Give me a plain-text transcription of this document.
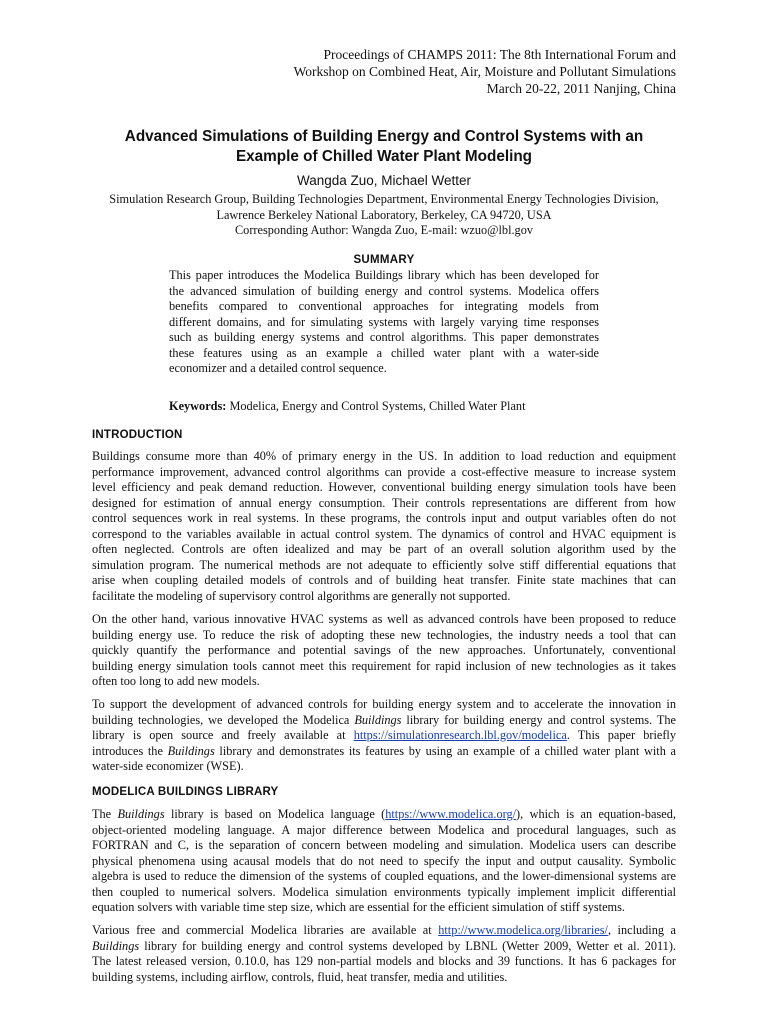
Proceedings of CHAMPS 2011: The 8th International Forum and
Workshop on Combined Heat, Air, Moisture and Pollutant Simulations
March 20-22, 2011 Nanjing, China
Advanced Simulations of Building Energy and Control Systems with an
Example of Chilled Water Plant Modeling
Wangda Zuo, Michael Wetter
Simulation Research Group, Building Technologies Department, Environmental Energy Technologies Division,
Lawrence Berkeley National Laboratory, Berkeley, CA 94720, USA
Corresponding Author: Wangda Zuo, E-mail: wzuo@lbl.gov
SUMMARY
This paper introduces the Modelica Buildings library which has been developed for
the advanced simulation of building energy and control systems. Modelica offers
benefits compared to conventional approaches for integrating models from
different domains, and for simulating systems with largely varying time responses
such as building energy systems and control algorithms. This paper demonstrates
these features using as an example a chilled water plant with a water-side
economizer and a detailed control sequence.
Keywords: Modelica, Energy and Control Systems, Chilled Water Plant
INTRODUCTION
Buildings consume more than 40% of primary energy in the US. In addition to load reduction and equipment
performance improvement, advanced control algorithms can provide a cost-effective measure to increase system
level efficiency and peak demand reduction. However, conventional building energy simulation tools have been
designed for estimation of annual energy consumption. Their controls representations are different from how
control sequences work in real systems. In these programs, the controls input and output variables often do not
correspond to the variables available in actual control system. The dynamics of control and HVAC equipment is
often neglected. Controls are often idealized and may be part of an overall solution algorithm used by the
simulation program. The numerical methods are not adequate to efficiently solve stiff differential equations that
arise when coupling detailed models of controls and of building heat transfer. Finite state machines that can
facilitate the modeling of supervisory control algorithms are generally not supported.
On the other hand, various innovative HVAC systems as well as advanced controls have been proposed to reduce
building energy use. To reduce the risk of adopting these new technologies, the industry needs a tool that can
quickly quantify the performance and potential savings of the new approaches. Unfortunately, conventional
building energy simulation tools cannot meet this requirement for rapid inclusion of new technologies as it takes
often too long to add new models.
To support the development of advanced controls for building energy system and to accelerate the innovation in
building technologies, we developed the Modelica Buildings library for building energy and control systems. The
library is open source and freely available at https://simulationresearch.lbl.gov/modelica. This paper briefly
introduces the Buildings library and demonstrates its features by using an example of a chilled water plant with a
water-side economizer (WSE).
MODELICA BUILDINGS LIBRARY
The Buildings library is based on Modelica language (https://www.modelica.org/), which is an equation-based,
object-oriented modeling language. A major difference between Modelica and procedural languages, such as
FORTRAN and C, is the separation of concern between modeling and simulation. Modelica users can describe
physical phenomena using acausal models that do not need to specify the input and output causality. Symbolic
algebra is used to reduce the dimension of the systems of coupled equations, and the lower-dimensional systems are
then coupled to numerical solvers. Modelica simulation environments typically implement implicit differential
equation solvers with variable time step size, which are essential for the efficient simulation of stiff systems.
Various free and commercial Modelica libraries are available at http://www.modelica.org/libraries/, including a
Buildings library for building energy and control systems developed by LBNL (Wetter 2009, Wetter et al. 2011).
The latest released version, 0.10.0, has 129 non-partial models and blocks and 39 functions. It has 6 packages for
building systems, including airflow, controls, fluid, heat transfer, media and utilities.
